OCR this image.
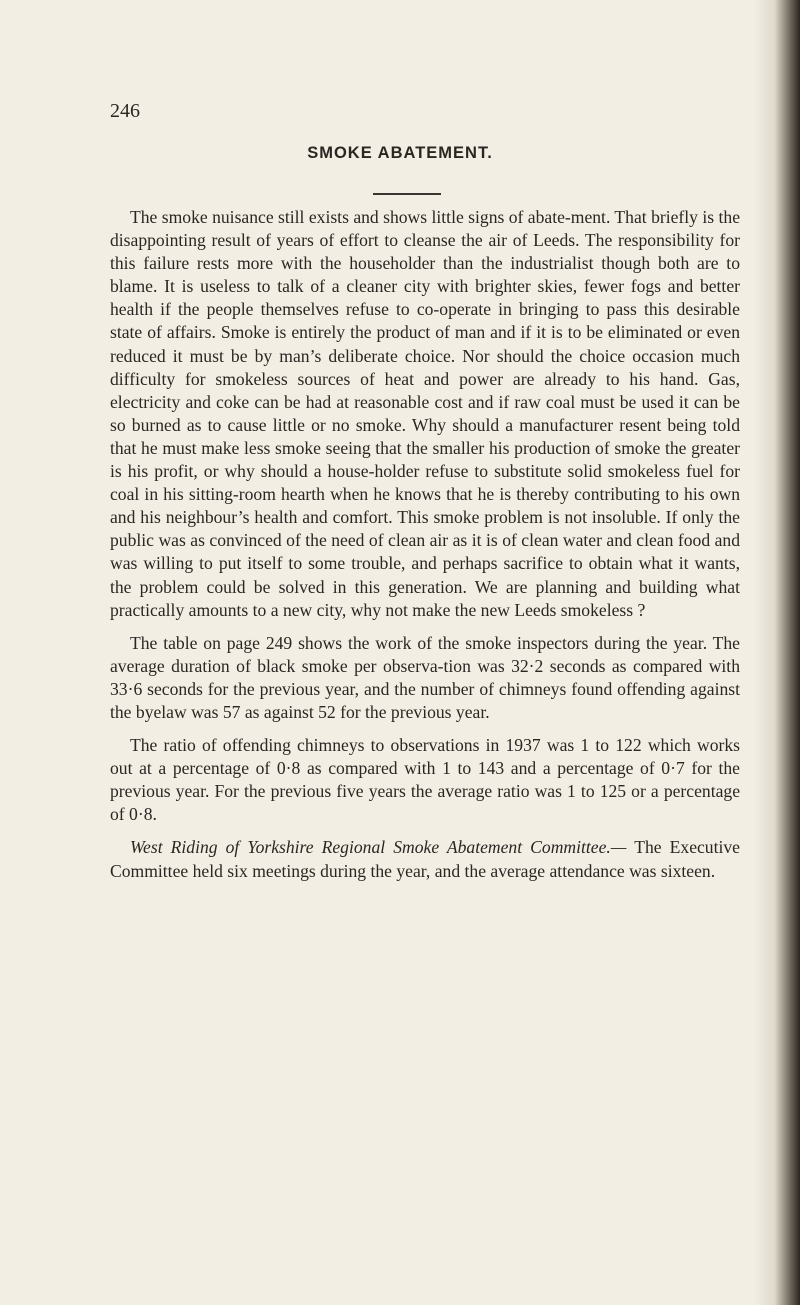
246
SMOKE ABATEMENT.

The smoke nuisance still exists and shows little signs of abate-ment. That briefly is the disappointing result of years of effort to cleanse the air of Leeds. The responsibility for this failure rests more with the householder than the industrialist though both are to blame. It is useless to talk of a cleaner city with brighter skies, fewer fogs and better health if the people themselves refuse to co-operate in bringing to pass this desirable state of affairs. Smoke is entirely the product of man and if it is to be eliminated or even reduced it must be by man’s deliberate choice. Nor should the choice occasion much difficulty for smokeless sources of heat and power are already to his hand. Gas, electricity and coke can be had at reasonable cost and if raw coal must be used it can be so burned as to cause little or no smoke. Why should a manufacturer resent being told that he must make less smoke seeing that the smaller his production of smoke the greater is his profit, or why should a house-holder refuse to substitute solid smokeless fuel for coal in his sitting-room hearth when he knows that he is thereby contributing to his own and his neighbour’s health and comfort. This smoke problem is not insoluble. If only the public was as convinced of the need of clean air as it is of clean water and clean food and was willing to put itself to some trouble, and perhaps sacrifice to obtain what it wants, the problem could be solved in this generation. We are planning and building what practically amounts to a new city, why not make the new Leeds smokeless ?

The table on page 249 shows the work of the smoke inspectors during the year. The average duration of black smoke per observa-tion was 32·2 seconds as compared with 33·6 seconds for the previous year, and the number of chimneys found offending against the byelaw was 57 as against 52 for the previous year.

The ratio of offending chimneys to observations in 1937 was 1 to 122 which works out at a percentage of 0·8 as compared with 1 to 143 and a percentage of 0·7 for the previous year. For the previous five years the average ratio was 1 to 125 or a percentage of 0·8.

West Riding of Yorkshire Regional Smoke Abatement Committee.— The Executive Committee held six meetings during the year, and the average attendance was sixteen.
